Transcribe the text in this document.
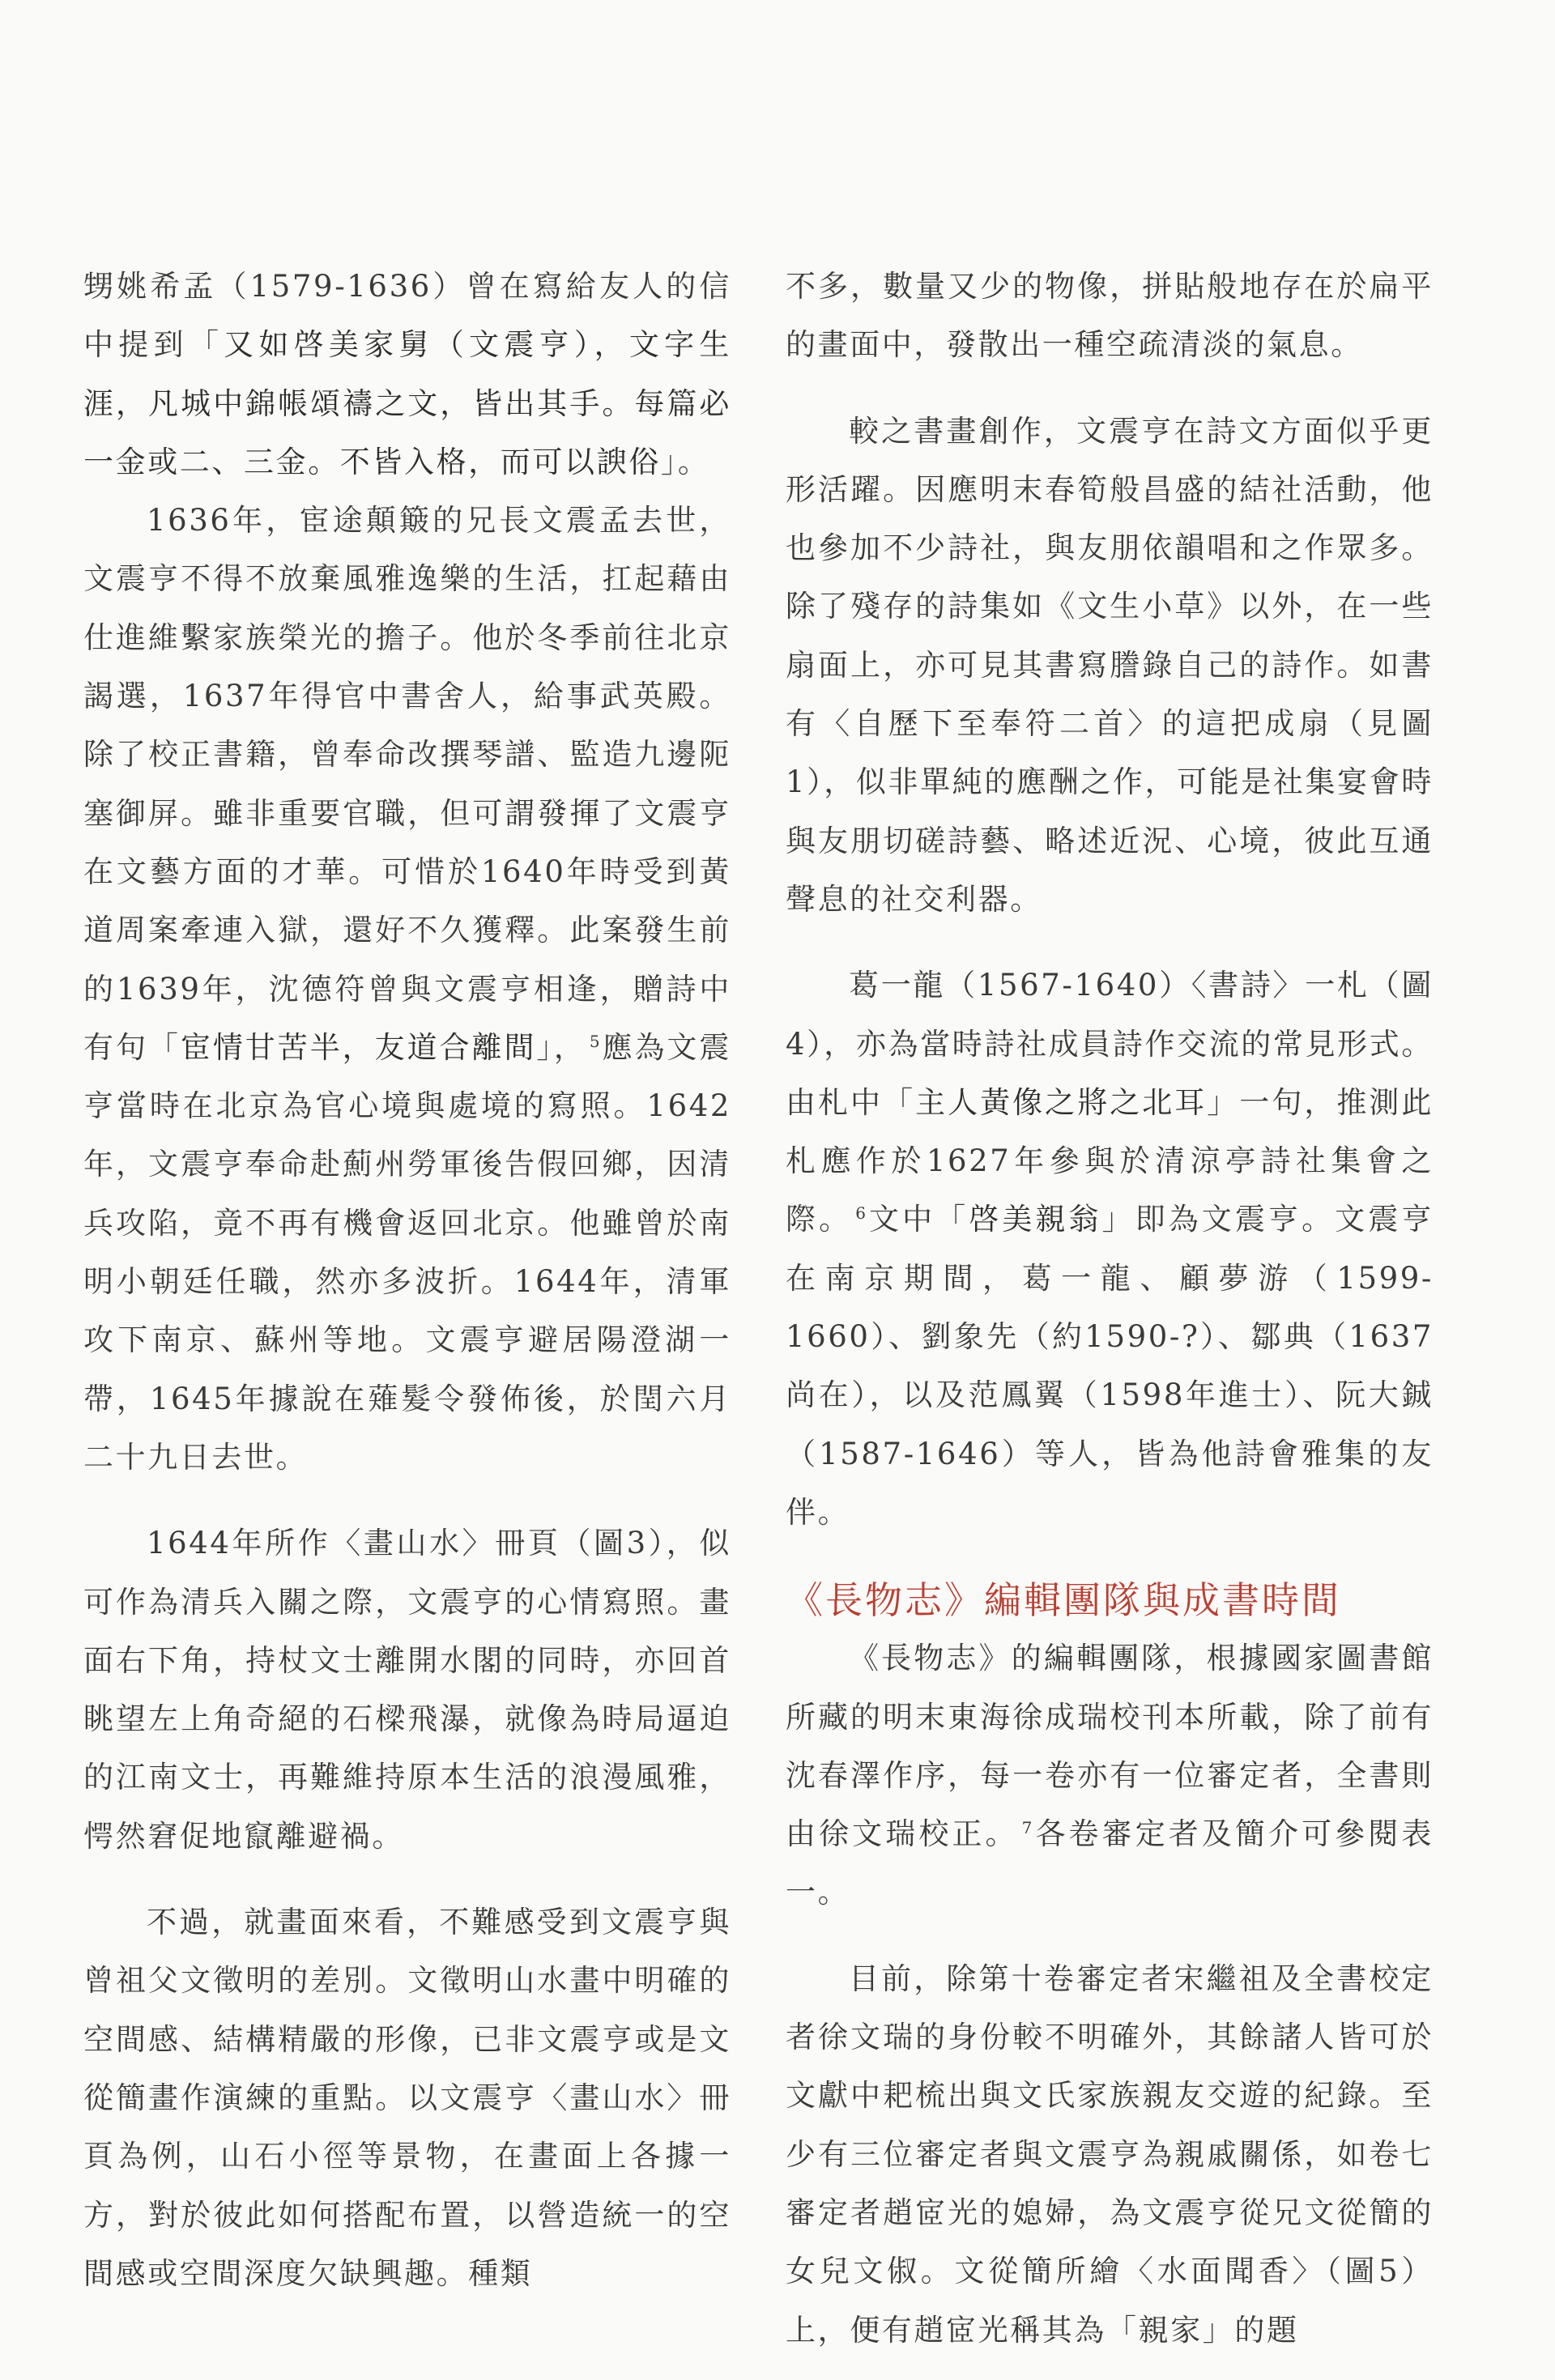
甥姚希孟（1579-1636）曾在寫給友人的信中提到「又如啓美家舅（文震亨），文字生涯，凡城中錦帳頌禱之文，皆出其手。每篇必一金或二、三金。不皆入格，而可以諛俗」。

1636年，宦途顛簸的兄長文震孟去世，文震亨不得不放棄風雅逸樂的生活，扛起藉由仕進維繫家族榮光的擔子。他於冬季前往北京謁選，1637年得官中書舍人，給事武英殿。除了校正書籍，曾奉命改撰琴譜、監造九邊阨塞御屏。雖非重要官職，但可謂發揮了文震亨在文藝方面的才華。可惜於1640年時受到黃道周案牽連入獄，還好不久獲釋。此案發生前的1639年，沈德符曾與文震亨相逢，贈詩中有句「宦情甘苦半，友道合離間」， $^5$應為文震亨當時在北京為官心境與處境的寫照。1642年，文震亨奉命赴薊州勞軍後告假回鄉，因清兵攻陷，竟不再有機會返回北京。他雖曾於南明小朝廷任職，然亦多波折。1644年，清軍攻下南京、蘇州等地。文震亨避居陽澄湖一帶，1645年據說在薙髮令發佈後，於閏六月二十九日去世。

1644年所作〈畫山水〉冊頁（圖3），似可作為清兵入關之際，文震亨的心情寫照。畫面右下角，持杖文士離開水閣的同時，亦回首眺望左上角奇絕的石樑飛瀑，就像為時局逼迫的江南文士，再難維持原本生活的浪漫風雅，愕然窘促地竄離避禍。

不過，就畫面來看，不難感受到文震亨與曾祖父文徵明的差別。文徵明山水畫中明確的空間感、結構精嚴的形像，已非文震亨或是文從簡畫作演練的重點。以文震亨〈畫山水〉冊頁為例，山石小徑等景物，在畫面上各據一方，對於彼此如何搭配布置，以營造統一的空間感或空間深度欠缺興趣。種類

不多，數量又少的物像，拼貼般地存在於扁平的畫面中，發散出一種空疏清淡的氣息。

較之書畫創作，文震亨在詩文方面似乎更形活躍。因應明末春筍般昌盛的結社活動，他也參加不少詩社，與友朋依韻唱和之作眾多。除了殘存的詩集如《文生小草》以外，在一些扇面上，亦可見其書寫謄錄自己的詩作。如書有〈自歷下至奉符二首〉的這把成扇（見圖1），似非單純的應酬之作，可能是社集宴會時與友朋切磋詩藝、略述近況、心境，彼此互通聲息的社交利器。

葛一龍（1567-1640）〈書詩〉一札（圖4），亦為當時詩社成員詩作交流的常見形式。由札中「主人黃像之將之北耳」一句，推測此札應作於1627年參與於清涼亭詩社集會之際。 $^6$文中「啓美親翁」即為文震亨。文震亨在南京期間，葛一龍、顧夢游（1599-1660）、劉象先（約1590-?）、鄒典（1637尚在），以及范鳳翼（1598年進士）、阮大鋮（1587-1646）等人，皆為他詩會雅集的友伴。

《長物志》編輯團隊與成書時間

《長物志》的編輯團隊，根據國家圖書館所藏的明末東海徐成瑞校刊本所載，除了前有沈春澤作序，每一卷亦有一位審定者，全書則由徐文瑞校正。 $^7$各卷審定者及簡介可參閱表一。

目前，除第十卷審定者宋繼祖及全書校定者徐文瑞的身份較不明確外，其餘諸人皆可於文獻中耙梳出與文氏家族親友交遊的紀錄。至少有三位審定者與文震亨為親戚關係，如卷七審定者趙宧光的媳婦，為文震亨從兄文從簡的女兒文俶。文從簡所繪〈水面聞香〉（圖5）上，便有趙宧光稱其為「親家」的題
